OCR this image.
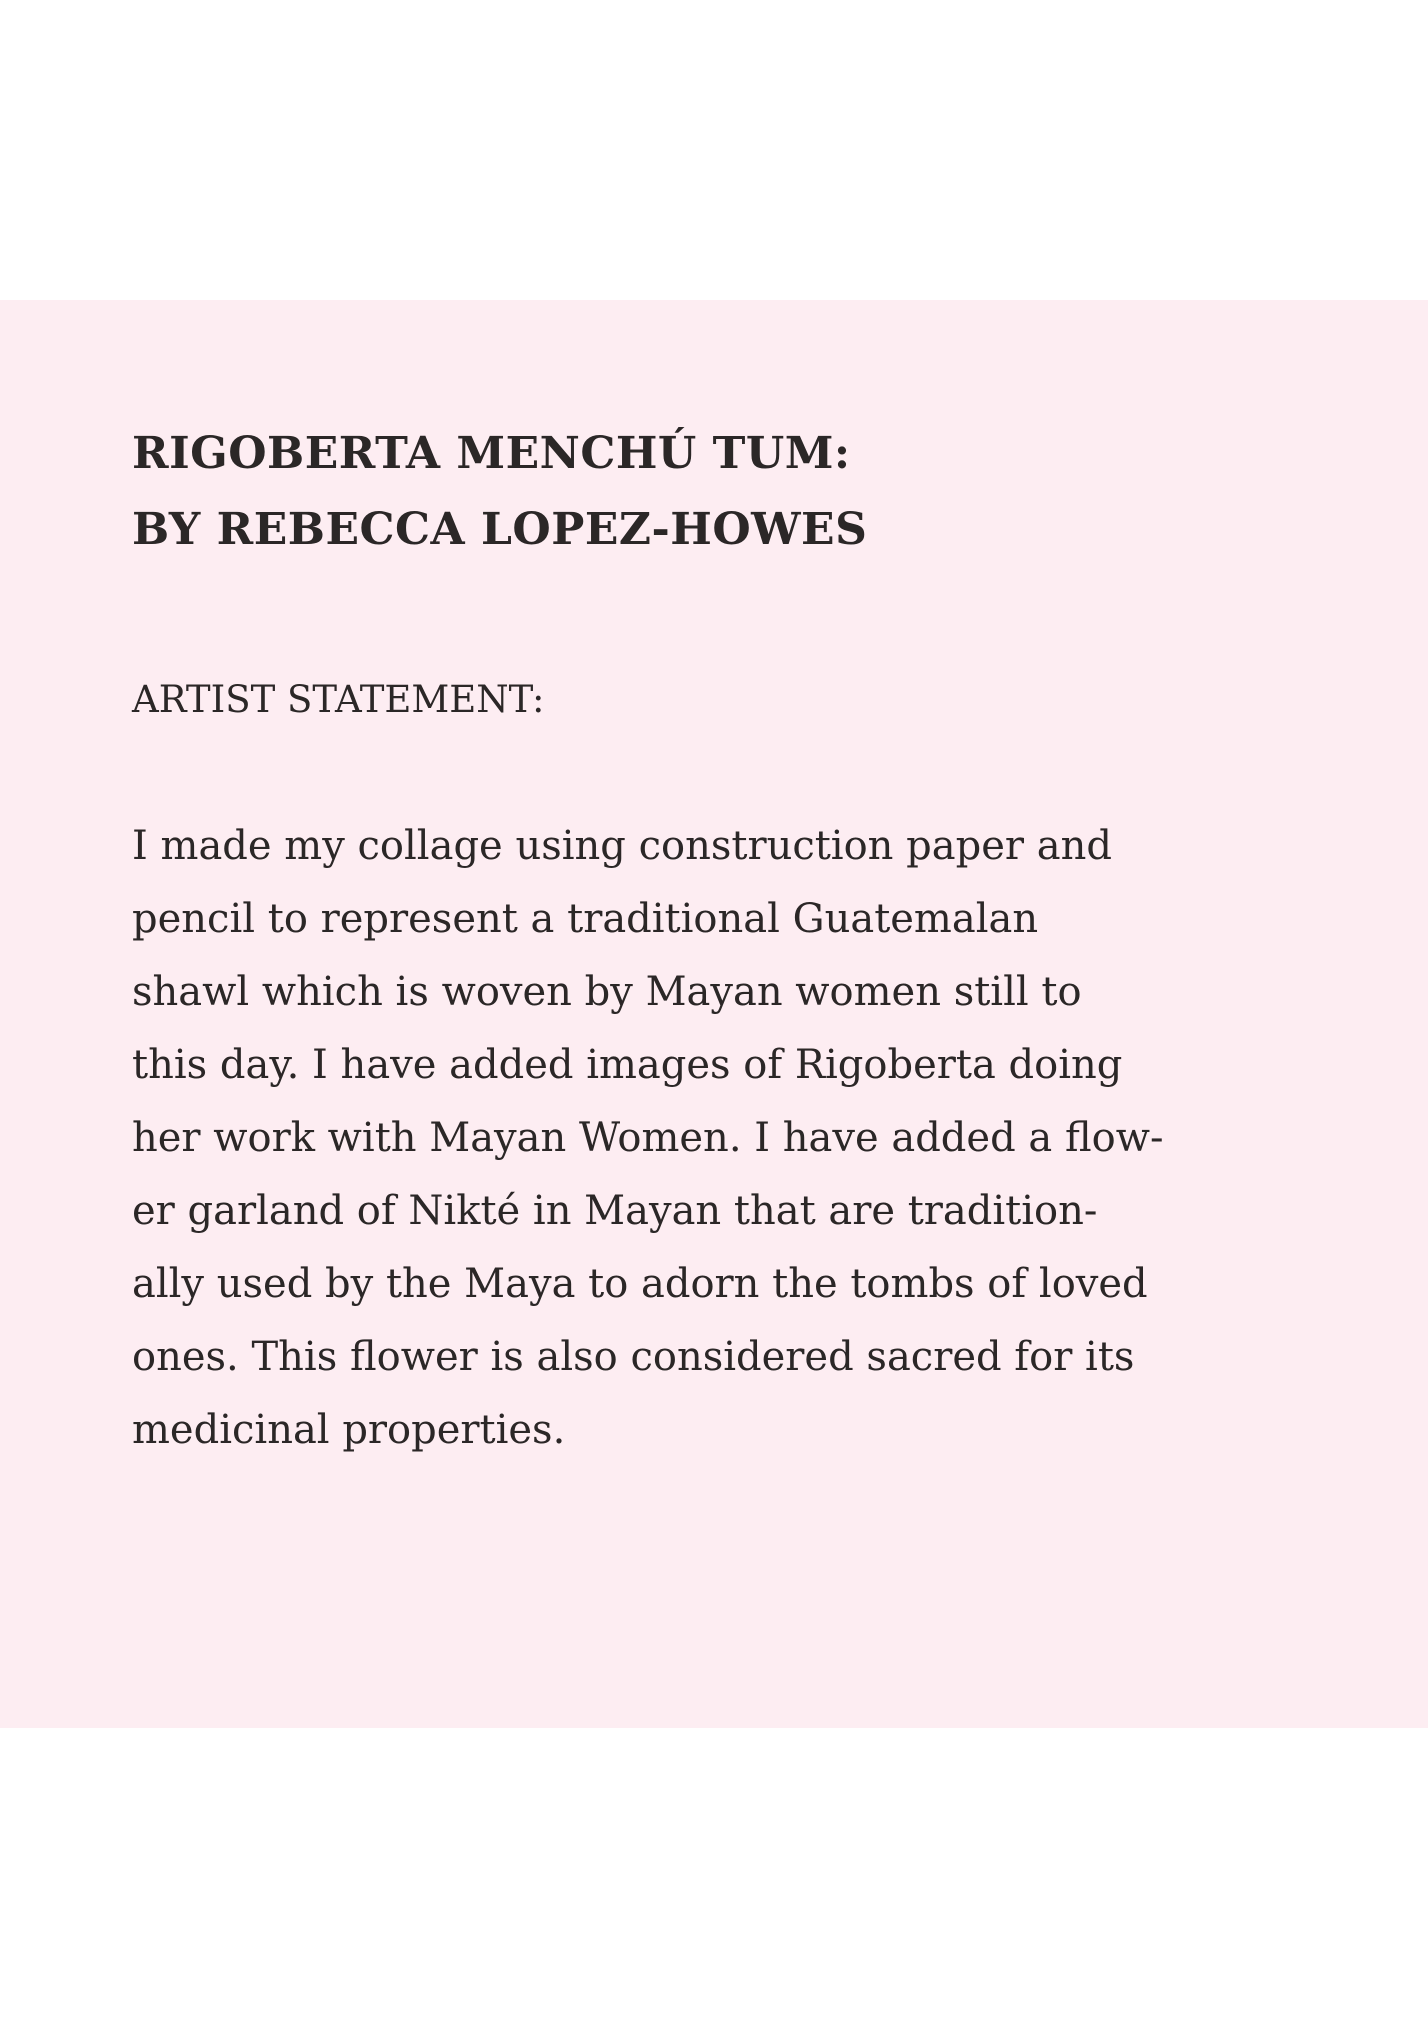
RIGOBERTA MENCHÚ TUM:
BY REBECCA LOPEZ-HOWES

ARTIST STATEMENT:

I made my collage using construction paper and
pencil to represent a traditional Guatemalan
shawl which is woven by Mayan women still to
this day. I have added images of Rigoberta doing
her work with Mayan Women. I have added a flow-
er garland of Nikté in Mayan that are tradition-
ally used by the Maya to adorn the tombs of loved
ones. This flower is also considered sacred for its
medicinal properties.
